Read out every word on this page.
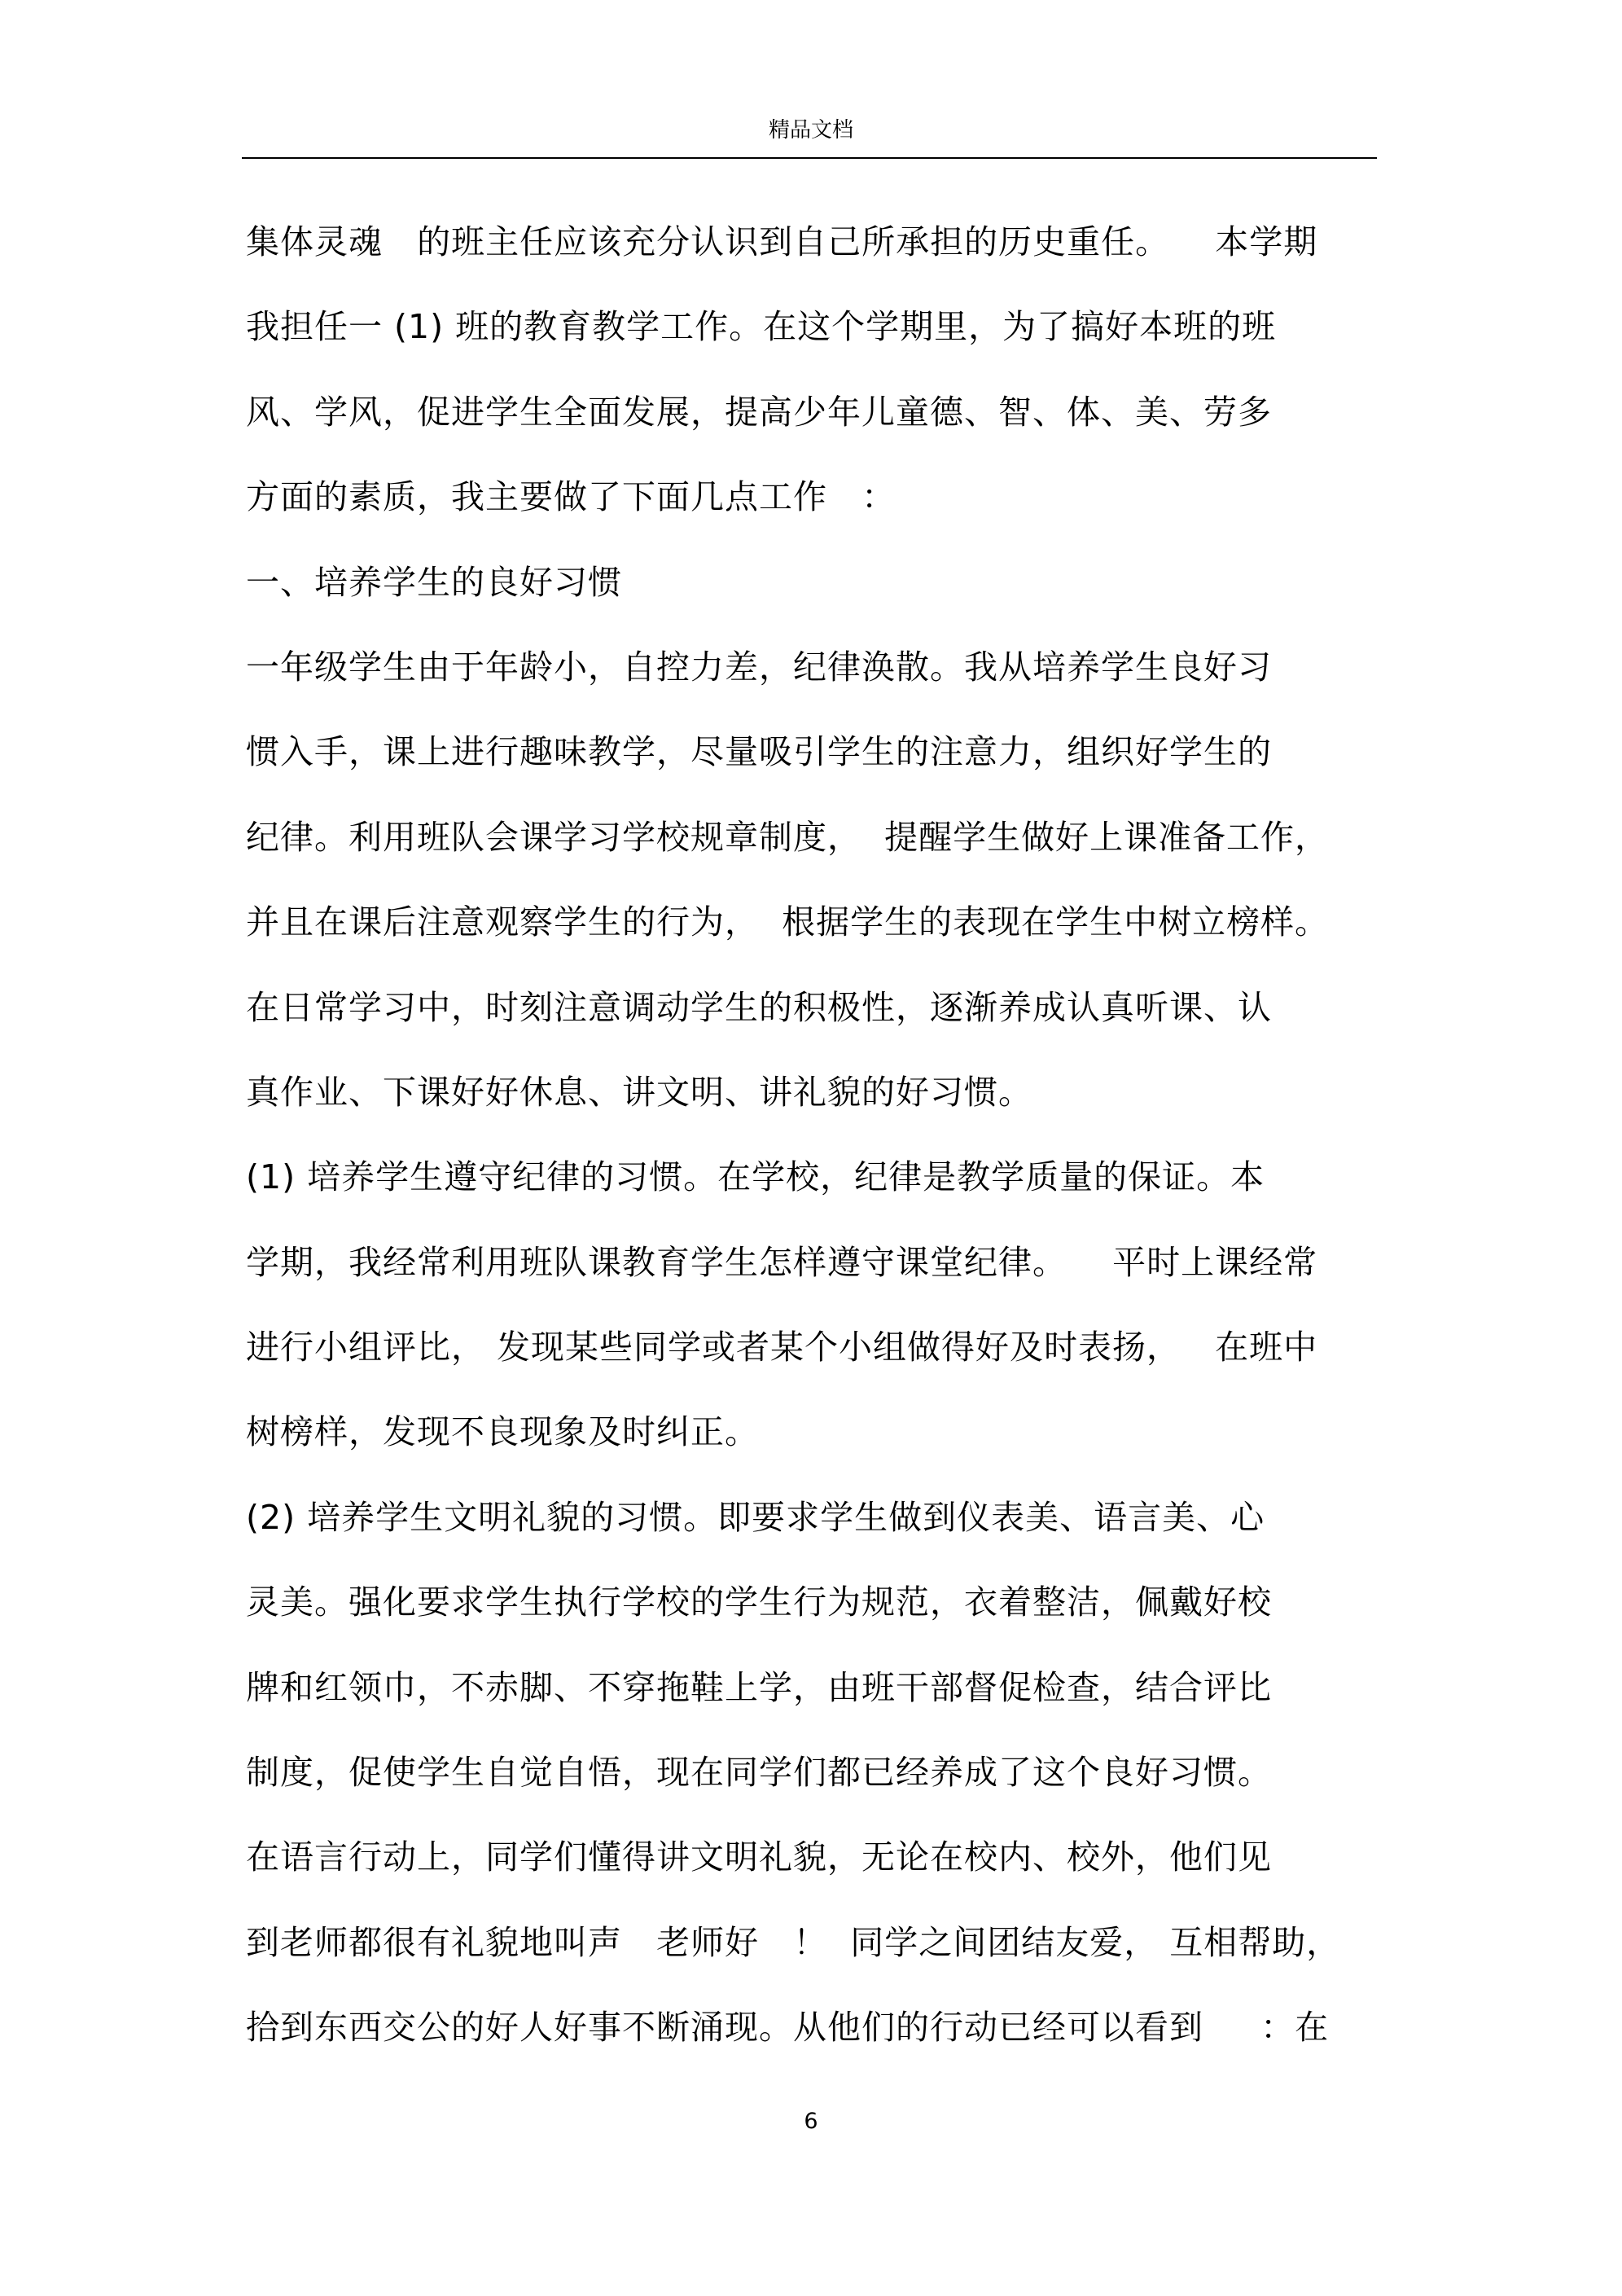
精品文档
集体灵魂   的班主任应该充分认识到自己所承担的历史重任。    本学期
我担任一 (1) 班的教育教学工作。在这个学期里，为了搞好本班的班
风、学风，促进学生全面发展，提高少年儿童德、智、体、美、劳多
方面的素质，我主要做了下面几点工作   ：
一、培养学生的良好习惯
一年级学生由于年龄小，自控力差，纪律涣散。我从培养学生良好习
惯入手，课上进行趣味教学，尽量吸引学生的注意力，组织好学生的
纪律。利用班队会课学习学校规章制度，  提醒学生做好上课准备工作，
并且在课后注意观察学生的行为，  根据学生的表现在学生中树立榜样。
在日常学习中，时刻注意调动学生的积极性，逐渐养成认真听课、认
真作业、下课好好休息、讲文明、讲礼貌的好习惯。
(1) 培养学生遵守纪律的习惯。在学校，纪律是教学质量的保证。本
学期，我经常利用班队课教育学生怎样遵守课堂纪律。    平时上课经常
进行小组评比， 发现某些同学或者某个小组做得好及时表扬，   在班中
树榜样，发现不良现象及时纠正。
(2) 培养学生文明礼貌的习惯。即要求学生做到仪表美、语言美、心
灵美。强化要求学生执行学校的学生行为规范，衣着整洁，佩戴好校
牌和红领巾，不赤脚、不穿拖鞋上学，由班干部督促检查，结合评比
制度，促使学生自觉自悟，现在同学们都已经养成了这个良好习惯。
在语言行动上，同学们懂得讲文明礼貌，无论在校内、校外，他们见
到老师都很有礼貌地叫声   老师好   ！  同学之间团结友爱， 互相帮助，
拾到东西交公的好人好事不断涌现。从他们的行动已经可以看到     ：在
6
